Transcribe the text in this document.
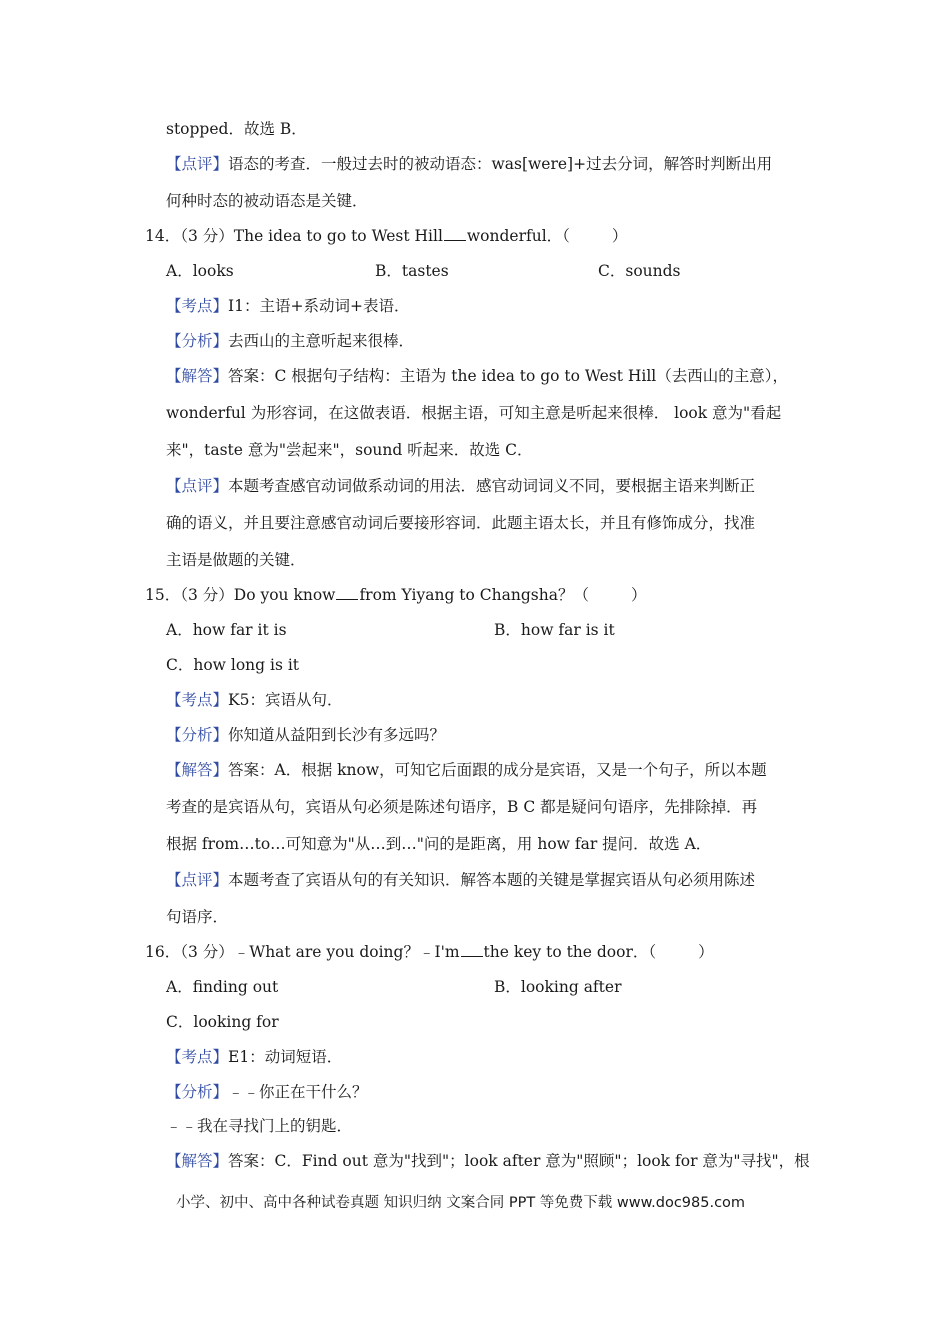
stopped．故选 B．
【点评】语态的考查．一般过去时的被动语态：was[were]+过去分词，解答时判断出用
何种时态的被动语态是关键．
14．（3 分）The idea to go to West Hill wonderful．（	）
A．looks	B．tastes	C．sounds
【考点】I1：主语+系动词+表语．
【分析】去西山的主意听起来很棒．
【解答】答案：C 根据句子结构：主语为 the idea to go to West Hill（去西山的主意），
wonderful 为形容词，在这做表语．根据主语，可知主意是听起来很棒． look 意为"看起
来"，taste 意为"尝起来"，sound 听起来．故选 C．
【点评】本题考查感官动词做系动词的用法．感官动词词义不同，要根据主语来判断正
确的语义，并且要注意感官动词后要接形容词．此题主语太长，并且有修饰成分，找准
主语是做题的关键．
15．（3 分）Do you know from Yiyang to Changsha？（	）
A．how far it is	B．how far is it
C．how long is it
【考点】K5：宾语从句．
【分析】你知道从益阳到长沙有多远吗？
【解答】答案：A．根据 know，可知它后面跟的成分是宾语，又是一个句子，所以本题
考查的是宾语从句，宾语从句必须是陈述句语序，B C 都是疑问句语序，先排除掉．再
根据 from…to…可知意为"从…到…"问的是距离，用 how far 提问．故选 A．
【点评】本题考查了宾语从句的有关知识．解答本题的关键是掌握宾语从句必须用陈述
句语序．
16．（3 分）﹣What are you doing？﹣I'm the key to the door．（	）
A．finding out	B．looking after
C．looking for
【考点】E1：动词短语．
【分析】﹣﹣你正在干什么？
﹣﹣我在寻找门上的钥匙．
【解答】答案：C．Find out 意为"找到"；look after 意为"照顾"；look for 意为"寻找"，根
小学、初中、高中各种试卷真题 知识归纳 文案合同 PPT 等免费下载 www.doc985.com
